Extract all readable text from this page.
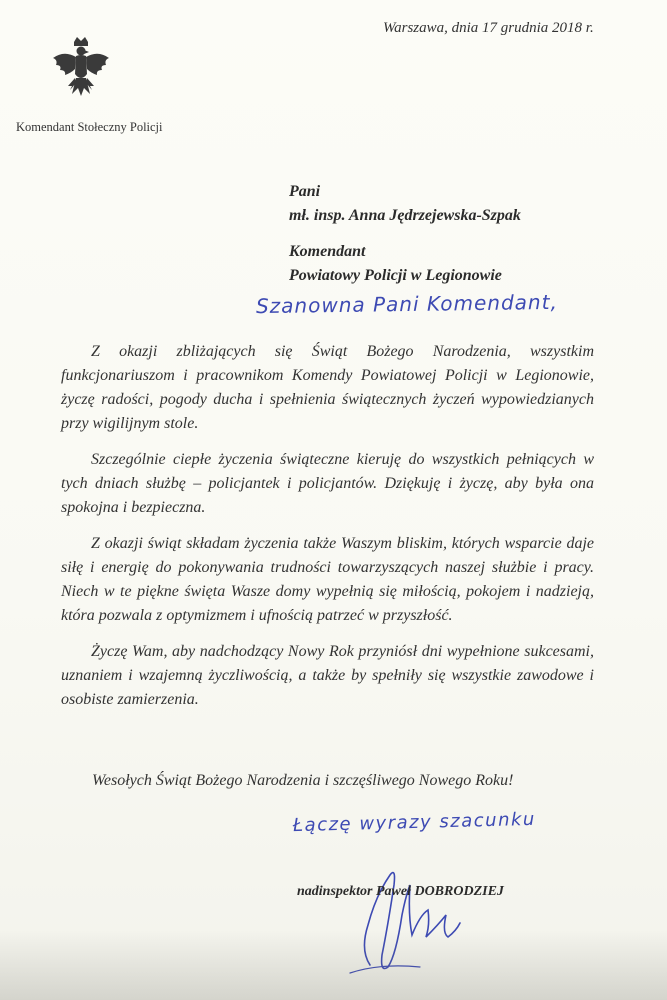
Komendant Stołeczny Policji
Warszawa, dnia 17 grudnia 2018 r.
Pani
mł. insp. Anna Jędrzejewska-Szpak
Komendant
Powiatowy Policji w Legionowie
Szanowna Pani Komendant,

Z okazji zbliżających się Świąt Bożego Narodzenia, wszystkim funkcjonariuszom i pracownikom Komendy Powiatowej Policji w Legionowie, życzę radości, pogody ducha i spełnienia świątecznych życzeń wypowiedzianych przy wigilijnym stole.

Szczególnie ciepłe życzenia świąteczne kieruję do wszystkich pełniących w tych dniach służbę – policjantek i policjantów. Dziękuję i życzę, aby była ona spokojna i bezpieczna.

Z okazji świąt składam życzenia także Waszym bliskim, których wsparcie daje siłę i energię do pokonywania trudności towarzyszących naszej służbie i pracy. Niech w te piękne święta Wasze domy wypełnią się miłością, pokojem i nadzieją, która pozwala z optymizmem i ufnością patrzeć w przyszłość.

Życzę Wam, aby nadchodzący Nowy Rok przyniósł dni wypełnione sukcesami, uznaniem i wzajemną życzliwością, a także by spełniły się wszystkie zawodowe i osobiste zamierzenia.

Wesołych Świąt Bożego Narodzenia i szczęśliwego Nowego Roku!
Łączę wyrazy szacunku
nadinspektor Paweł DOBRODZIEJ
